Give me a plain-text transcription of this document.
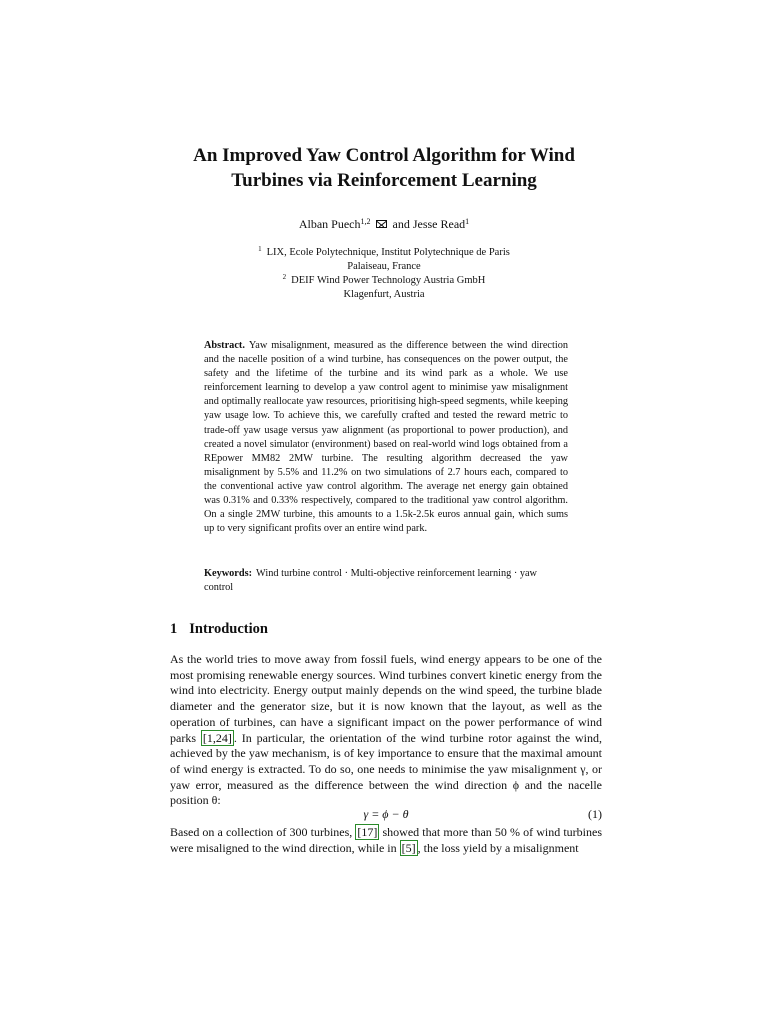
An Improved Yaw Control Algorithm for Wind
Turbines via Reinforcement Learning
Alban Puech$^{1,2}$ and Jesse Read$^1$
$^1$ LIX, Ecole Polytechnique, Institut Polytechnique de Paris
Palaiseau, France
$^2$ DEIF Wind Power Technology Austria GmbH
Klagenfurt, Austria
Abstract. Yaw misalignment, measured as the difference between the wind direction and the nacelle position of a wind turbine, has consequences on the power output, the safety and the lifetime of the turbine and its wind park as a whole. We use reinforcement learning to develop a yaw control agent to minimise yaw misalignment and optimally reallocate yaw resources, prioritising high-speed segments, while keeping yaw usage low. To achieve this, we carefully crafted and tested the reward metric to trade-off yaw usage versus yaw alignment (as proportional to power production), and created a novel simulator (environment) based on real-world wind logs obtained from a REpower MM82 2MW turbine. The resulting algorithm decreased the yaw misalignment by 5.5% and 11.2% on two simulations of 2.7 hours each, compared to the conventional active yaw control algorithm. The average net energy gain obtained was 0.31% and 0.33% respectively, compared to the traditional yaw control algorithm. On a single 2MW turbine, this amounts to a 1.5k-2.5k euros annual gain, which sums up to very significant profits over an entire wind park.
Keywords: Wind turbine control · Multi-objective reinforcement learning · yaw control
1 Introduction
As the world tries to move away from fossil fuels, wind energy appears to be one of the most promising renewable energy sources. Wind turbines convert kinetic energy from the wind into electricity. Energy output mainly depends on the wind speed, the turbine blade diameter and the generator size, but it is now known that the layout, as well as the operation of turbines, can have a significant impact on the power performance of wind parks [1,24] . In particular, the orientation of the wind turbine rotor against the wind, achieved by the yaw mechanism, is of key importance to ensure that the maximal amount of wind energy is extracted. To do so, one needs to minimise the yaw misalignment γ, or yaw error, measured as the difference between the wind direction ϕ and the nacelle position θ:
γ = ϕ − θ	(1)
Based on a collection of 300 turbines, [17] showed that more than 50 % of wind turbines were misaligned to the wind direction, while in [5] , the loss yield by a misalignment
